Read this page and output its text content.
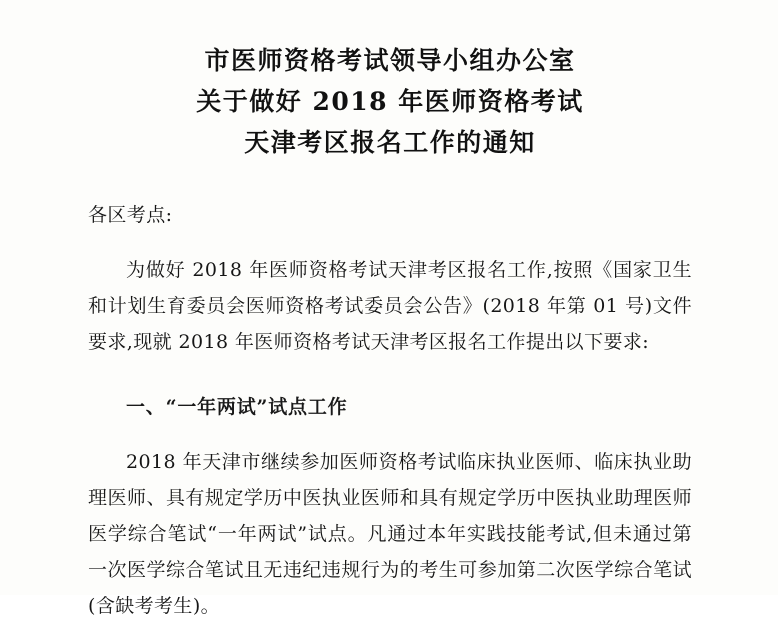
市医师资格考试领导小组办公室
关于做好 2018 年医师资格考试
天津考区报名工作的通知

各区考点:

为做好 2018 年医师资格考试天津考区报名工作,按照《国家卫生和计划生育委员会医师资格考试委员会公告》(2018 年第 01 号)文件要求,现就 2018 年医师资格考试天津考区报名工作提出以下要求:

一、“一年两试”试点工作

2018 年天津市继续参加医师资格考试临床执业医师、临床执业助理医师、具有规定学历中医执业医师和具有规定学历中医执业助理医师医学综合笔试“一年两试”试点。凡通过本年实践技能考试,但未通过第一次医学综合笔试且无违纪违规行为的考生可参加第二次医学综合笔试(含缺考考生)。
